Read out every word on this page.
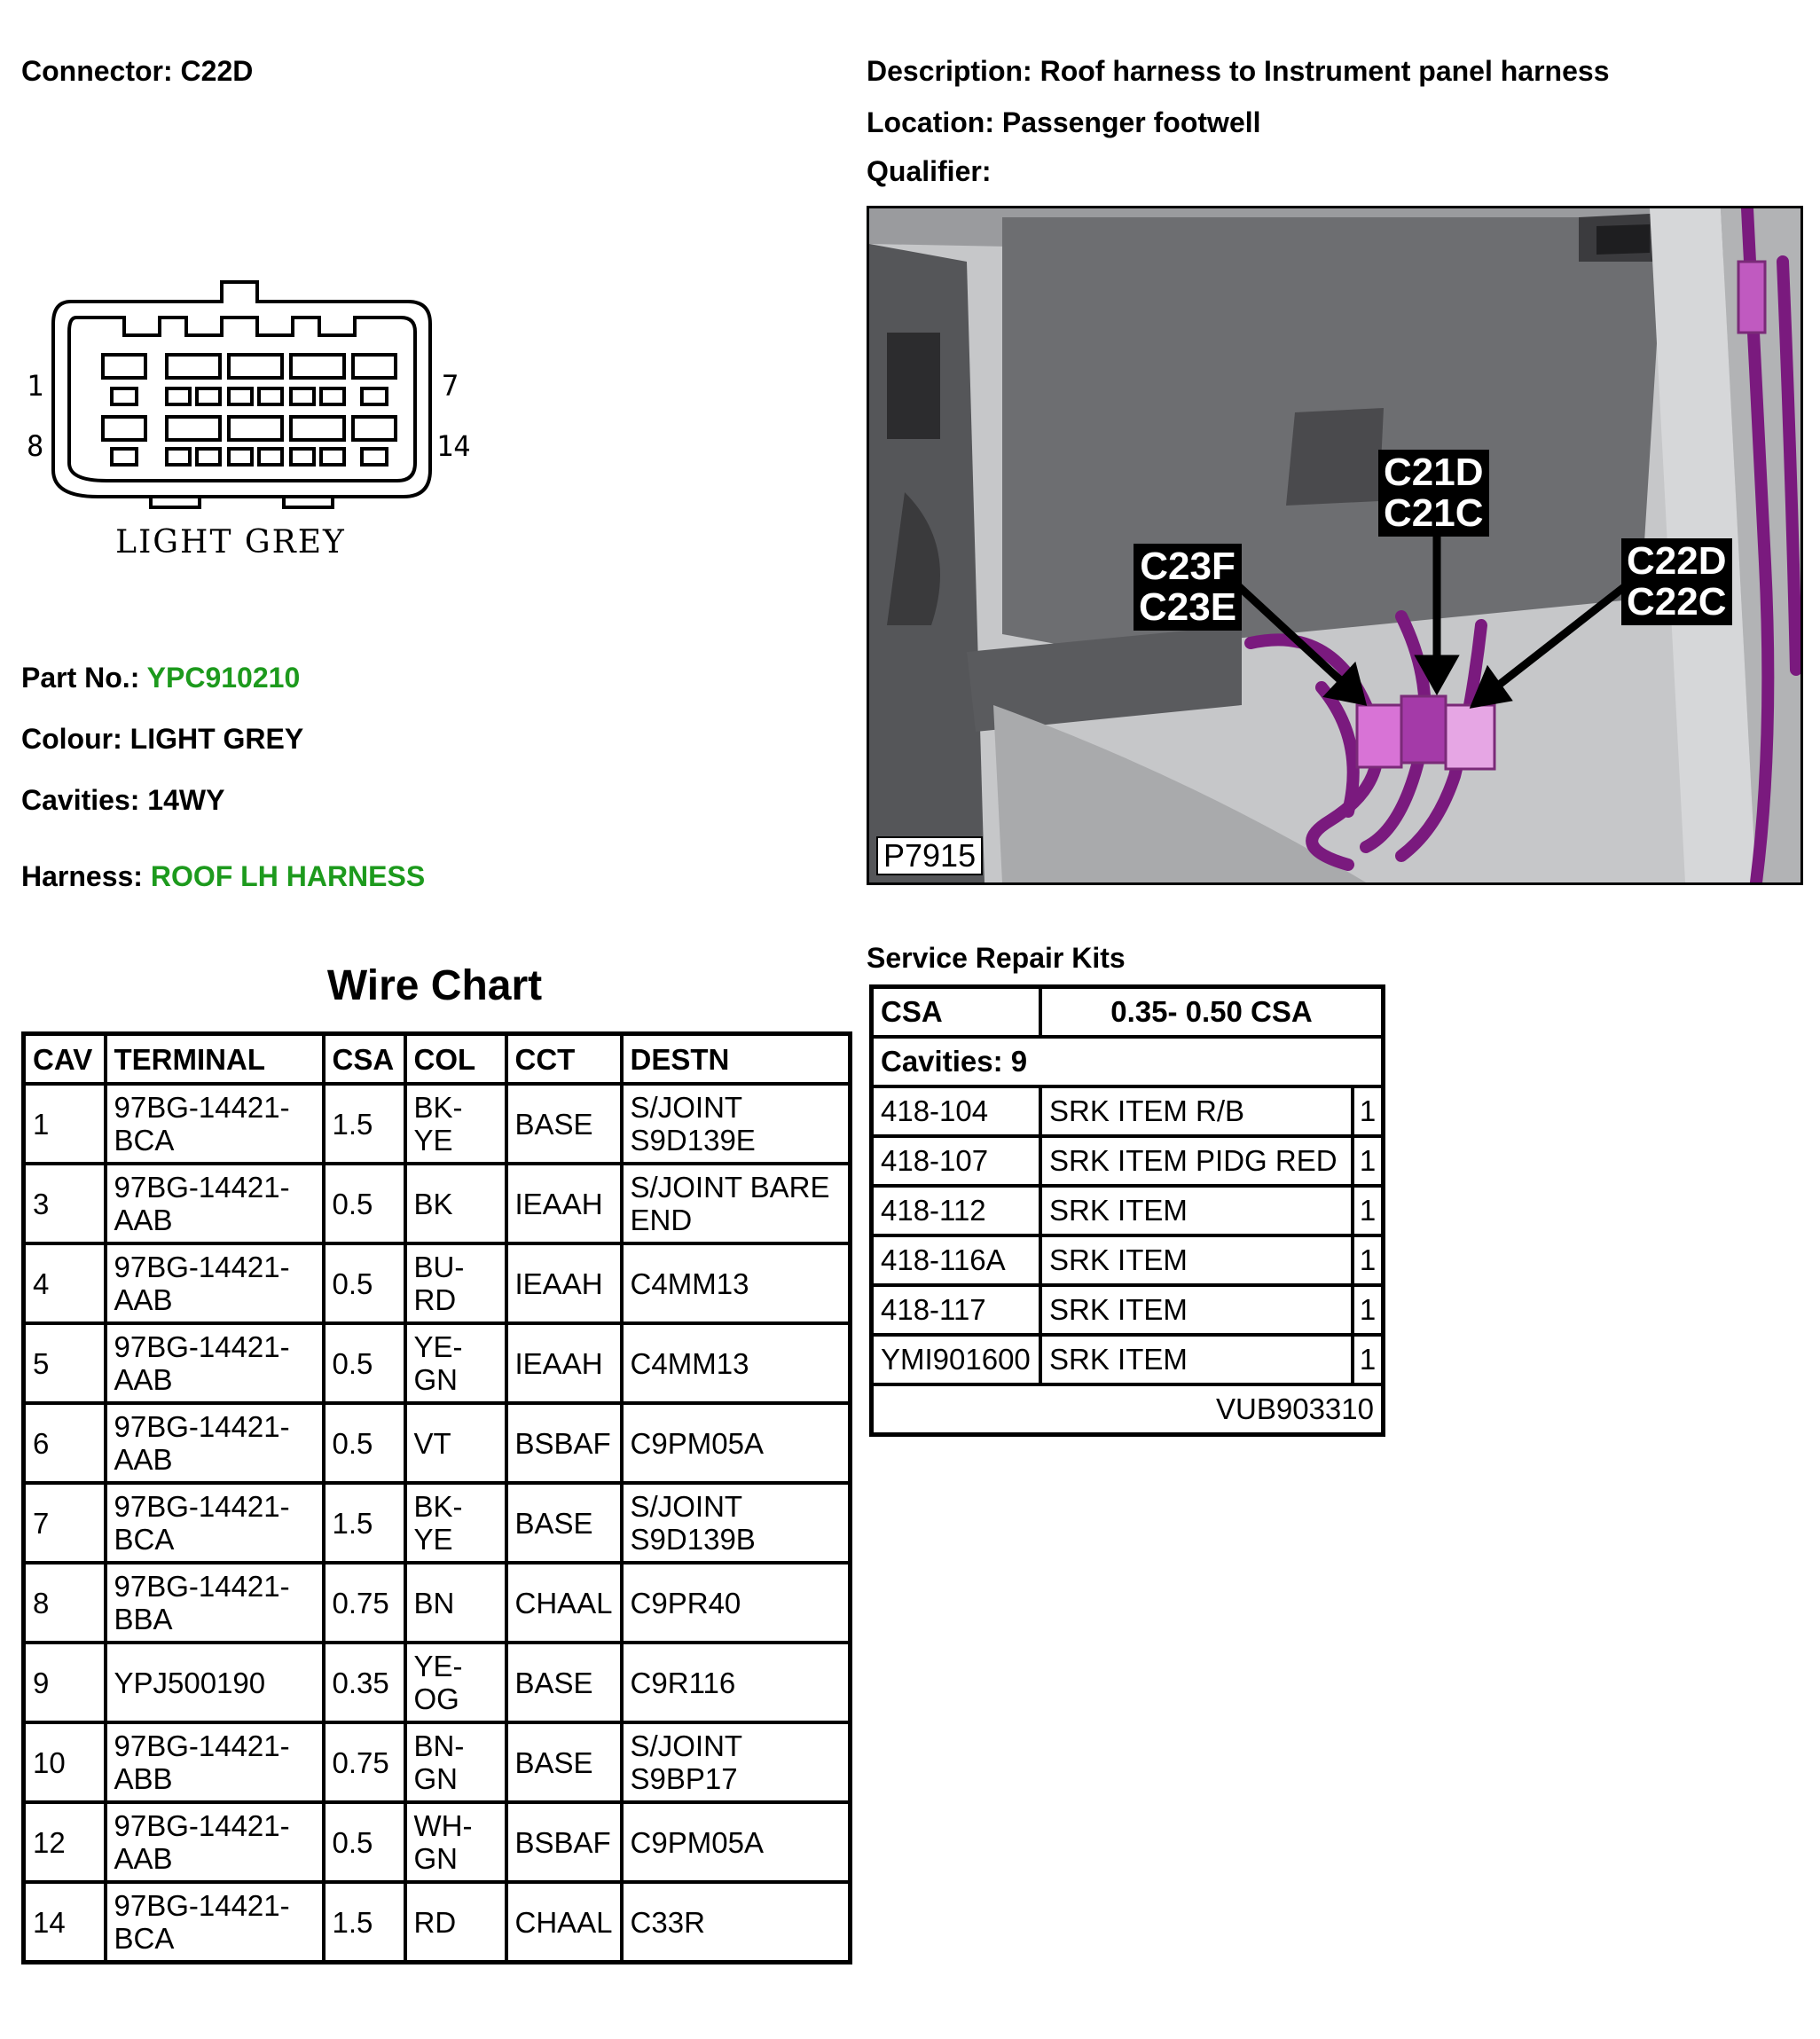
Connector: C22D	Description: Roof harness to Instrument panel harness
Location: Passenger footwell
Qualifier:
1	7
8	14
LIGHT GREY
Part No.: YPC910210
Colour: LIGHT GREY
Cavities: 14WY
Harness: ROOF LH HARNESS
C23F
C23E
C21D
C21C
C22D
C22C
P7915
Wire Chart
CAV	TERMINAL	CSA	COL	CCT	DESTN
1	97BG-14421-BCA	1.5	BK-YE	BASE	S/JOINT S9D139E
3	97BG-14421-AAB	0.5	BK	IEAAH	S/JOINT BARE END
4	97BG-14421-AAB	0.5	BU-RD	IEAAH	C4MM13
5	97BG-14421-AAB	0.5	YE-GN	IEAAH	C4MM13
6	97BG-14421-AAB	0.5	VT	BSBAF	C9PM05A
7	97BG-14421-BCA	1.5	BK-YE	BASE	S/JOINT S9D139B
8	97BG-14421-BBA	0.75	BN	CHAAL	C9PR40
9	YPJ500190	0.35	YE-OG	BASE	C9R116
10	97BG-14421-ABB	0.75	BN-GN	BASE	S/JOINT S9BP17
12	97BG-14421-AAB	0.5	WH-GN	BSBAF	C9PM05A
14	97BG-14421-BCA	1.5	RD	CHAAL	C33R
Service Repair Kits
CSA	0.35- 0.50 CSA	
Cavities: 9		
418-104	SRK ITEM R/B	1
418-107	SRK ITEM PIDG RED	1
418-112	SRK ITEM	1
418-116A	SRK ITEM	1
418-117	SRK ITEM	1
YMI901600	SRK ITEM	1
VUB903310		
